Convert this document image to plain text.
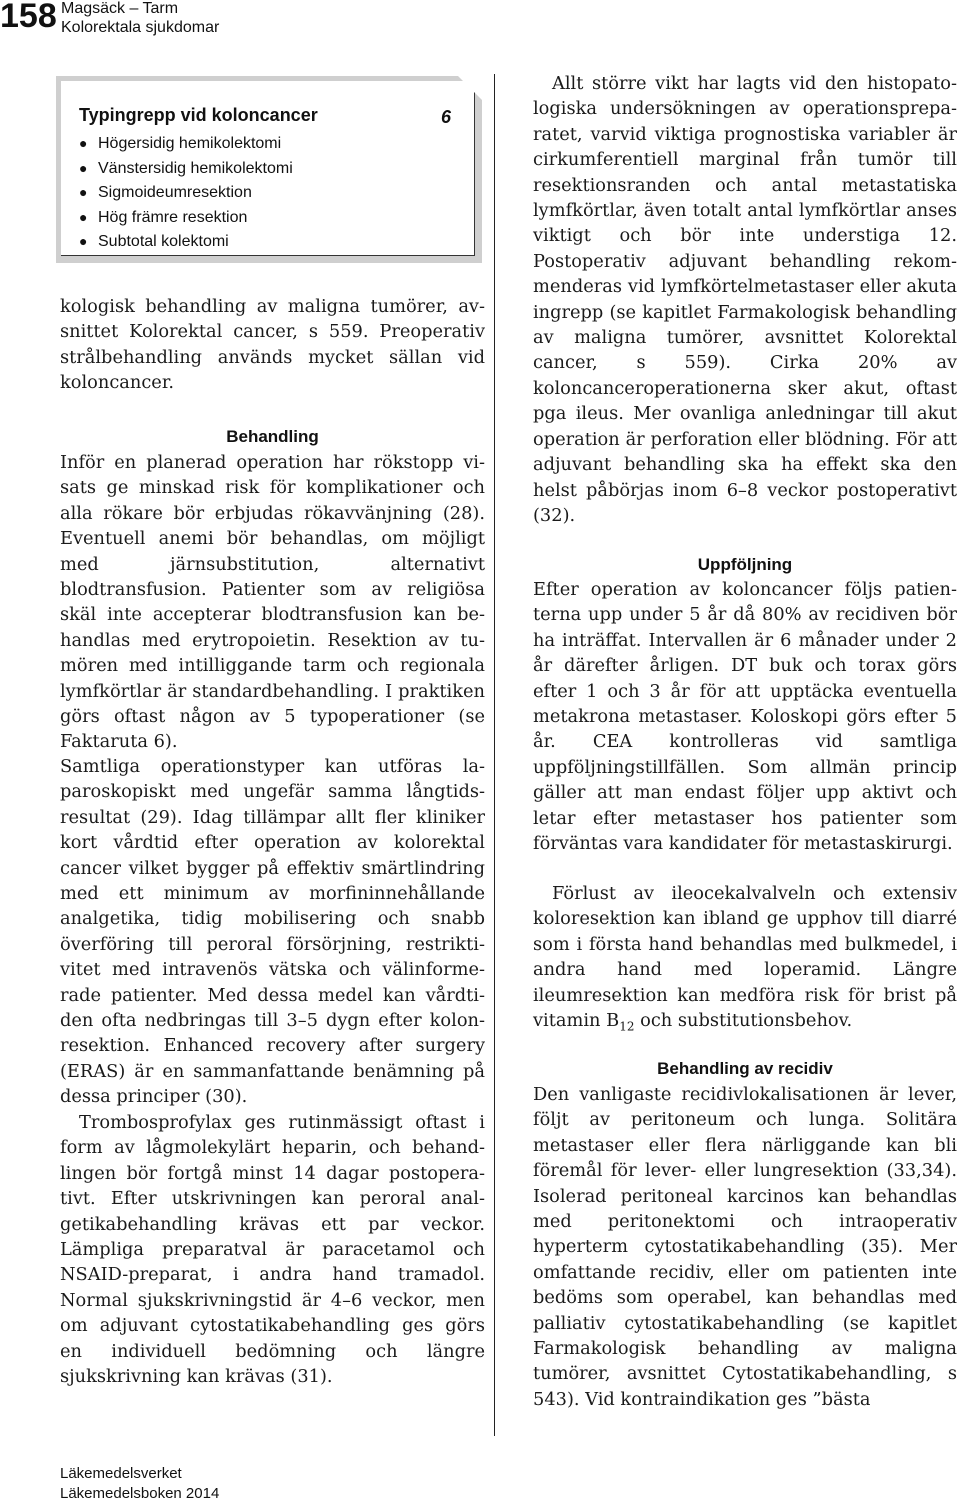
158 Magsäck – Tarm
Kolorektala sjukdomar
Typingrepp vid koloncancer	6
● Högersidig hemikolektomi
● Vänstersidig hemikolektomi
● Sigmoideumresektion
● Hög främre resektion
● Subtotal kolektomi

kologisk behandling av maligna tumörer, avsnittet Kolorektal cancer, s 559. Preoperativ strålbehandling används mycket sällan vid koloncancer.

Behandling

Inför en planerad operation har rökstopp visats ge minskad risk för komplikationer och alla rökare bör erbjudas rökavvänjning (28). Eventuell anemi bör behandlas, om möjligt med järnsubstitution, alternativt blodtransfusion. Patienter som av religiösa skäl inte accepterar blodtransfusion kan behandlas med erytropoietin. Resektion av tumören med intilliggande tarm och regionala lymfkörtlar är standardbehandling. I praktiken görs oftast någon av 5 typoperationer (se Faktaruta 6).

Samtliga operationstyper kan utföras laparoskopiskt med ungefär samma långtidsresultat (29). Idag tillämpar allt fler kliniker kort vårdtid efter operation av kolorektal cancer vilket bygger på effektiv smärtlindring med ett minimum av morfininnehållande analgetika, tidig mobilisering och snabb överföring till peroral försörjning, restriktivitet med intravenös vätska och välinformerade patienter. Med dessa medel kan vårdtiden ofta nedbringas till 3–5 dygn efter kolonresektion. Enhanced recovery after surgery (ERAS) är en sammanfattande benämning på dessa principer (30).

Trombosprofylax ges rutinmässigt oftast i form av lågmolekylärt heparin, och behandlingen bör fortgå minst 14 dagar postoperativt. Efter utskrivningen kan peroral analgetikabehandling krävas ett par veckor. Lämpliga preparatval är paracetamol och NSAID-preparat, i andra hand tramadol. Normal sjukskrivningstid är 4–6 veckor, men om adjuvant cytostatikabehandling ges görs en individuell bedömning och längre sjukskrivning kan krävas (31).

Allt större vikt har lagts vid den histopatologiska undersökningen av operationspreparatet, varvid viktiga prognostiska variabler är cirkumferentiell marginal från tumör till resektionsranden och antal metastatiska lymfkörtlar, även totalt antal lymfkörtlar anses viktigt och bör inte understiga 12. Postoperativ adjuvant behandling rekommenderas vid lymfkörtelmetastaser eller akuta ingrepp (se kapitlet Farmakologisk behandling av maligna tumörer, avsnittet Kolorektal cancer, s 559). Cirka 20% av koloncanceroperationerna sker akut, oftast pga ileus. Mer ovanliga anledningar till akut operation är perforation eller blödning. För att adjuvant behandling ska ha effekt ska den helst påbörjas inom 6–8 veckor postoperativt (32).

Uppföljning

Efter operation av koloncancer följs patienterna upp under 5 år då 80% av recidiven bör ha inträffat. Intervallen är 6 månader under 2 år därefter årligen. DT buk och torax görs efter 1 och 3 år för att upptäcka eventuella metakrona metastaser. Koloskopi görs efter 5 år. CEA kontrolleras vid samtliga uppföljningstillfällen. Som allmän princip gäller att man endast följer upp aktivt och letar efter metastaser hos patienter som förväntas vara kandidater för metastaskirurgi.

Förlust av ileocekalvalveln och extensiv koloresektion kan ibland ge upphov till diarré som i första hand behandlas med bulkmedel, i andra hand med loperamid. Längre ileumresektion kan medföra risk för brist på vitamin $B_{12}$ och substitutionsbehov.

Behandling av recidiv

Den vanligaste recidivlokalisationen är lever, följt av peritoneum och lunga. Solitära metastaser eller flera närliggande kan bli föremål för lever- eller lungresektion (33,34). Isolerad peritoneal karcinos kan behandlas med peritonektomi och intraoperativ hyperterm cytostatikabehandling (35). Mer omfattande recidiv, eller om patienten inte bedöms som operabel, kan behandlas med palliativ cytostatikabehandling (se kapitlet Farmakologisk behandling av maligna tumörer, avsnittet Cytostatikabehandling, s 543). Vid kontraindikation ges ”bästa

Läkemedelsverket
Läkemedelsboken 2014
